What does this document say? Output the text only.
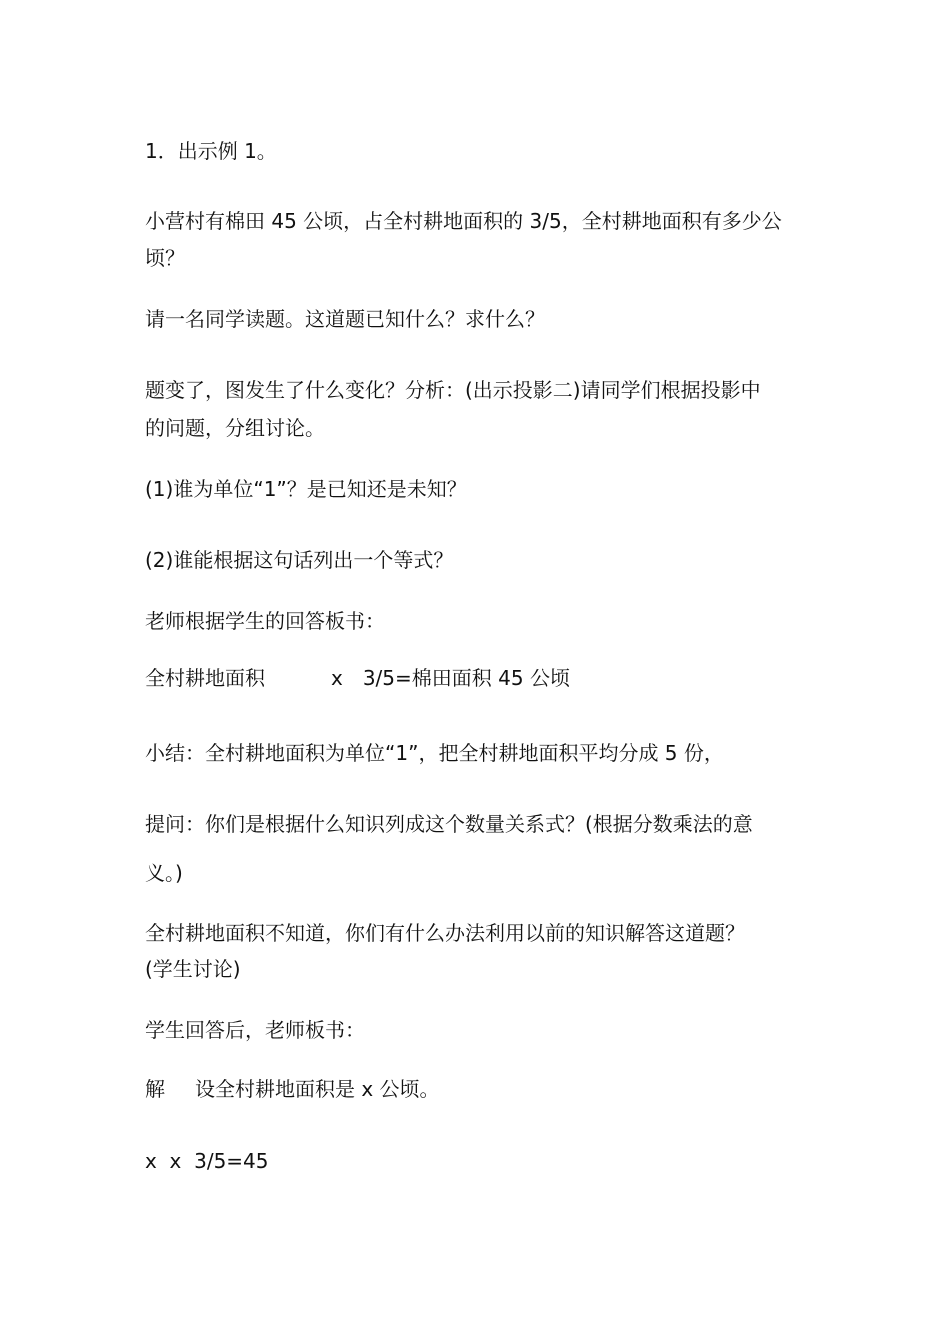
1．出示例 1。
小营村有棉田 45 公顷，占全村耕地面积的 3/5，全村耕地面积有多少公
顷？
请一名同学读题。这道题已知什么？求什么？
题变了，图发生了什么变化？分析：(出示投影二)请同学们根据投影中
的问题，分组讨论。
(1)谁为单位“1”？是已知还是未知？
(2)谁能根据这句话列出一个等式？
老师根据学生的回答板书：
全村耕地面积	x　3/5=棉田面积 45 公顷
小结：全村耕地面积为单位“1”，把全村耕地面积平均分成 5 份，
提问：你们是根据什么知识列成这个数量关系式？(根据分数乘法的意
义。)
全村耕地面积不知道，你们有什么办法利用以前的知识解答这道题？
(学生讨论)
学生回答后，老师板书：
解 设全村耕地面积是 x 公顷。
x  x  3/5=45
